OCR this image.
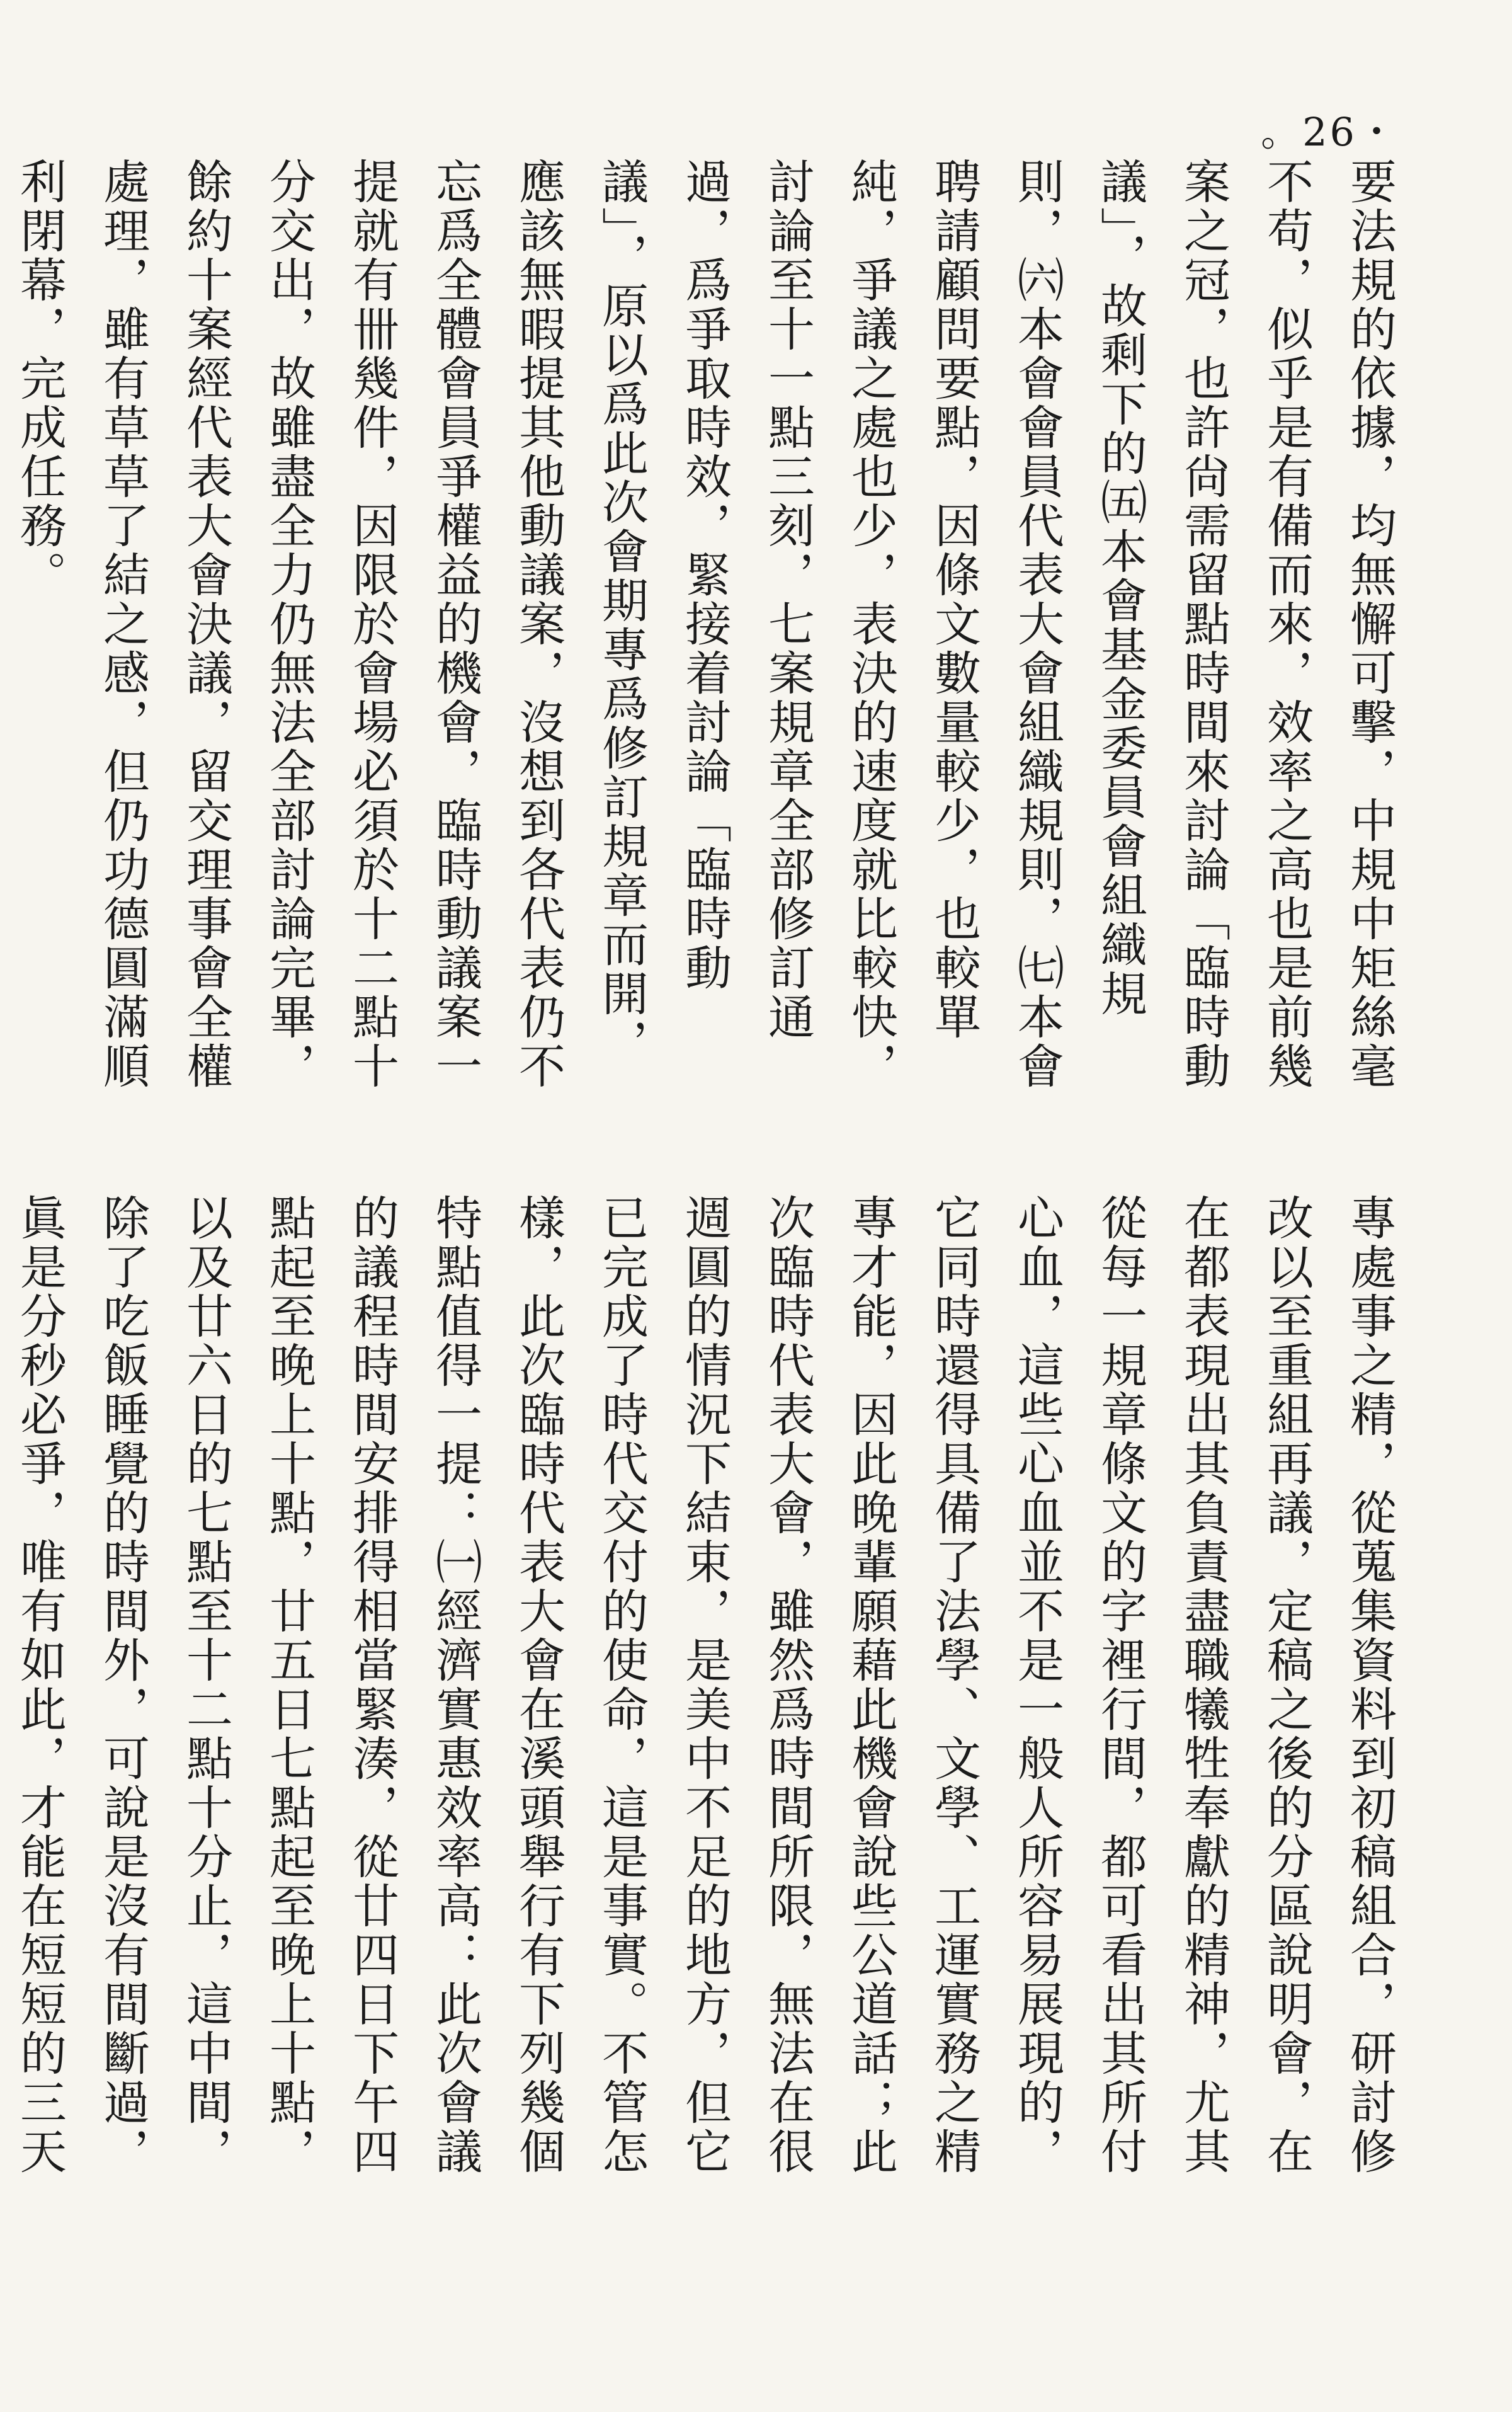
。26・

要法規的依據，均無懈可擊，中規中矩絲毫不苟，似乎是有備而來，效率之高也是前幾案之冠，也許尙需留點時間來討論「臨時動議」，故剩下的㈤本會基金委員會組織規則，㈥本會會員代表大會組織規則，㈦本會聘請顧問要點，因條文數量較少，也較單純，爭議之處也少，表決的速度就比較快，討論至十一點三刻，七案規章全部修訂通過，爲爭取時效，緊接着討論「臨時動議」，原以爲此次會期專爲修訂規章而開，應該無暇提其他動議案，沒想到各代表仍不忘爲全體會員爭權益的機會，臨時動議案一提就有卌幾件，因限於會場必須於十二點十分交出，故雖盡全力仍無法全部討論完畢，餘約十案經代表大會決議，留交理事會全權處理，雖有草草了結之感，但仍功德圓滿順利閉幕，完成任務。

專處事之精，從蒐集資料到初稿組合，研討修改以至重組再議，定稿之後的分區說明會，在在都表現出其負責盡職犧牲奉獻的精神，尤其從每一規章條文的字裡行間，都可看出其所付心血，這些心血並不是一般人所容易展現的，它同時還得具備了法學、文學、工運實務之精專才能，因此晚輩願藉此機會說些公道話；此次臨時代表大會，雖然爲時間所限，無法在很週圓的情況下結束，是美中不足的地方，但它已完成了時代交付的使命，這是事實。不管怎樣，此次臨時代表大會在溪頭舉行有下列幾個特點值得一提：㈠經濟實惠效率高：此次會議的議程時間安排得相當緊湊，從廿四日下午四點起至晚上十點，廿五日七點起至晚上十點，以及廿六日的七點至十二點十分止，這中間，除了吃飯睡覺的時間外，可說是沒有間斷過，眞是分秒必爭，唯有如此，才能在短短的三天
